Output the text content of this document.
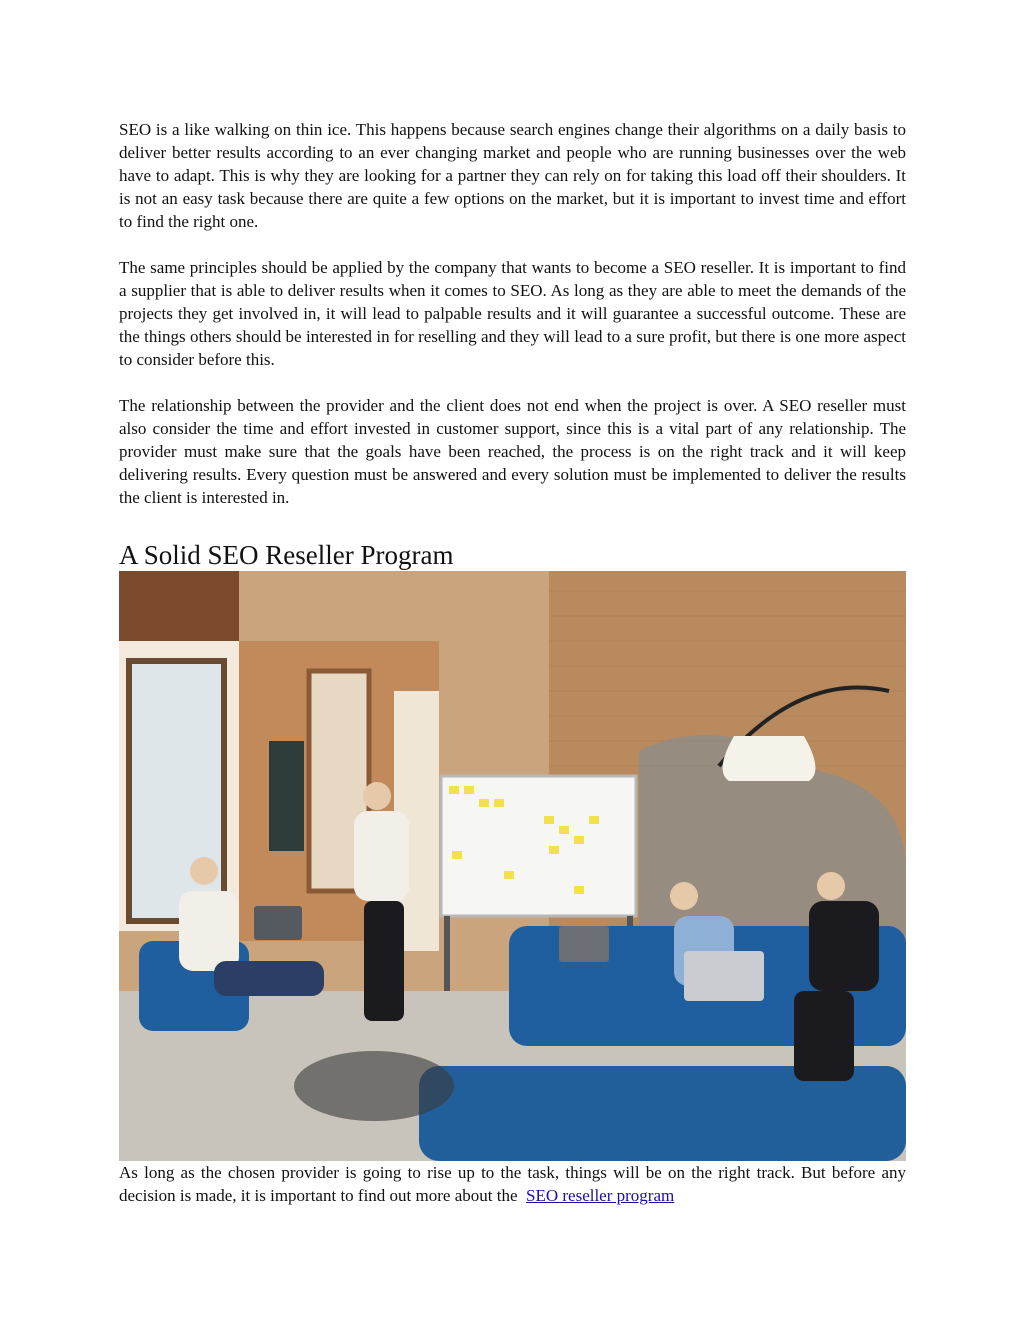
SEO is a like walking on thin ice. This happens because search engines change their algorithms on a daily basis to deliver better results according to an ever changing market and people who are running businesses over the web have to adapt. This is why they are looking for a partner they can rely on for taking this load off their shoulders. It is not an easy task because there are quite a few options on the market, but it is important to invest time and effort to find the right one.

The same principles should be applied by the company that wants to become a SEO reseller. It is important to find a supplier that is able to deliver results when it comes to SEO. As long as they are able to meet the demands of the projects they get involved in, it will lead to palpable results and it will guarantee a successful outcome. These are the things others should be interested in for reselling and they will lead to a sure profit, but there is one more aspect to consider before this.

The relationship between the provider and the client does not end when the project is over. A SEO reseller must also consider the time and effort invested in customer support, since this is a vital part of any relationship. The provider must make sure that the goals have been reached, the process is on the right track and it will keep delivering results. Every question must be answered and every solution must be implemented to deliver the results the client is interested in.

A Solid SEO Reseller Program

As long as the chosen provider is going to rise up to the task, things will be on the right track. But before any decision is made, it is important to find out more about the SEO reseller program
